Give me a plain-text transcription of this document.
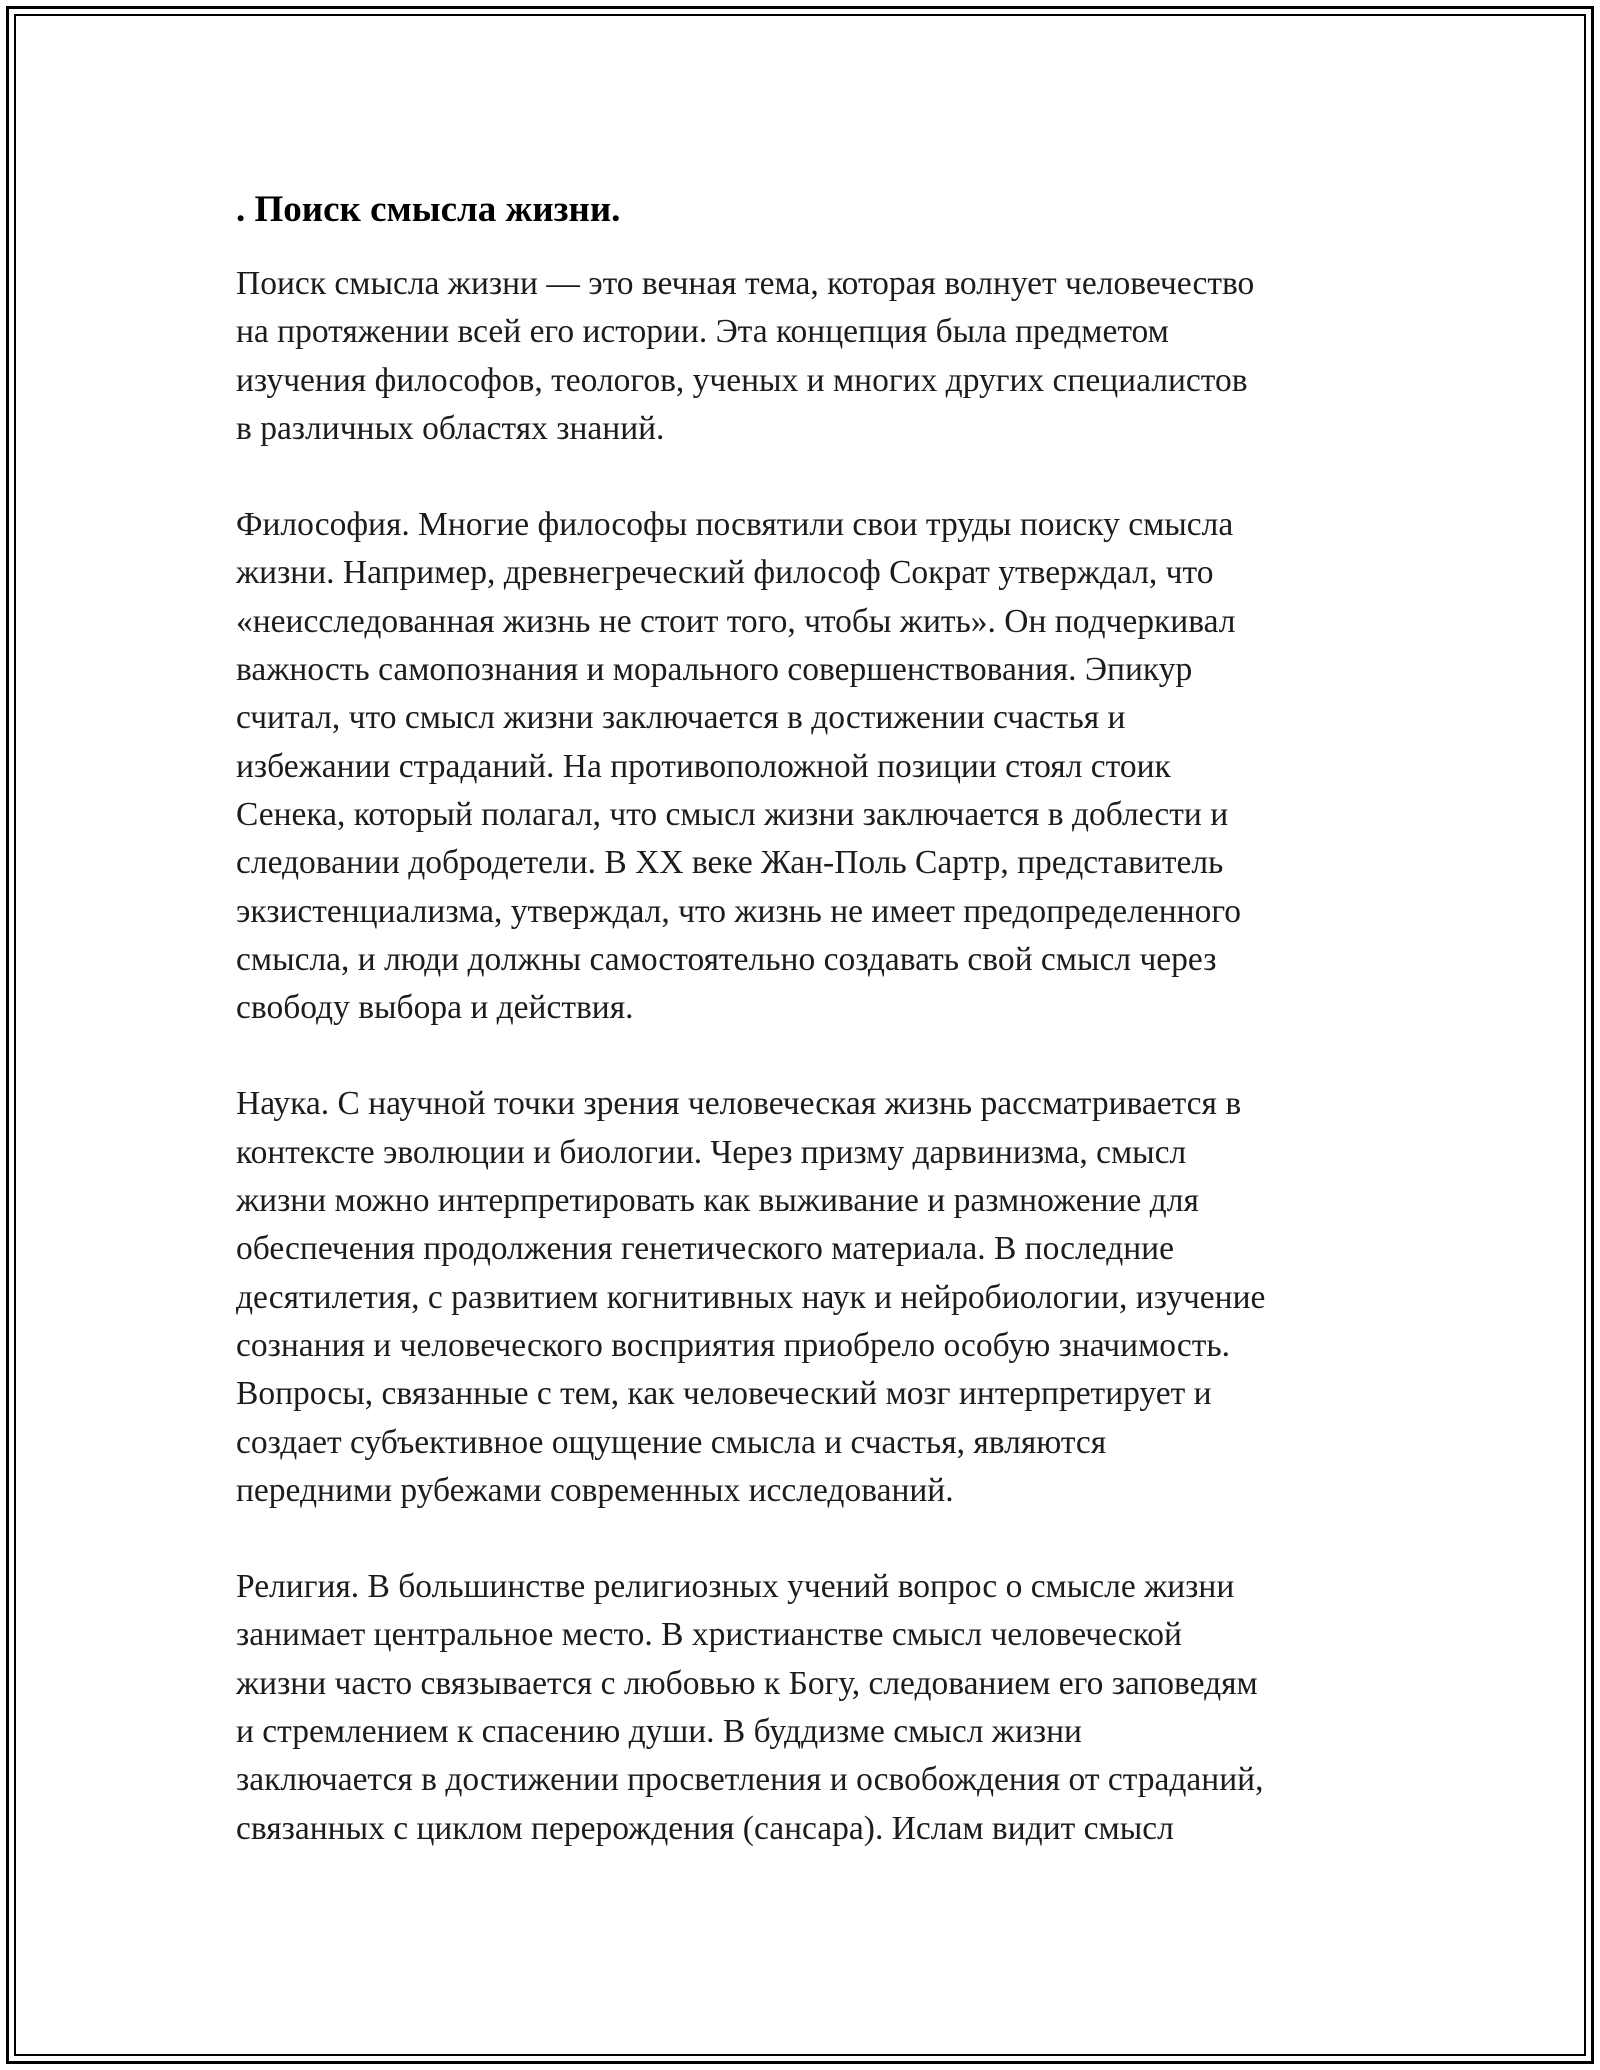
. Поиск смысла жизни.

Поиск смысла жизни — это вечная тема, которая волнует человечество
на протяжении всей его истории. Эта концепция была предметом
изучения философов, теологов, ученых и многих других специалистов
в различных областях знаний.

Философия. Многие философы посвятили свои труды поиску смысла
жизни. Например, древнегреческий философ Сократ утверждал, что
«неисследованная жизнь не стоит того, чтобы жить». Он подчеркивал
важность самопознания и морального совершенствования. Эпикур
считал, что смысл жизни заключается в достижении счастья и
избежании страданий. На противоположной позиции стоял стоик
Сенека, который полагал, что смысл жизни заключается в доблести и
следовании добродетели. В XX веке Жан-Поль Сартр, представитель
экзистенциализма, утверждал, что жизнь не имеет предопределенного
смысла, и люди должны самостоятельно создавать свой смысл через
свободу выбора и действия.

Наука. С научной точки зрения человеческая жизнь рассматривается в
контексте эволюции и биологии. Через призму дарвинизма, смысл
жизни можно интерпретировать как выживание и размножение для
обеспечения продолжения генетического материала. В последние
десятилетия, с развитием когнитивных наук и нейробиологии, изучение
сознания и человеческого восприятия приобрело особую значимость.
Вопросы, связанные с тем, как человеческий мозг интерпретирует и
создает субъективное ощущение смысла и счастья, являются
передними рубежами современных исследований.

Религия. В большинстве религиозных учений вопрос о смысле жизни
занимает центральное место. В христианстве смысл человеческой
жизни часто связывается с любовью к Богу, следованием его заповедям
и стремлением к спасению души. В буддизме смысл жизни
заключается в достижении просветления и освобождения от страданий,
связанных с циклом перерождения (сансара). Ислам видит смысл
